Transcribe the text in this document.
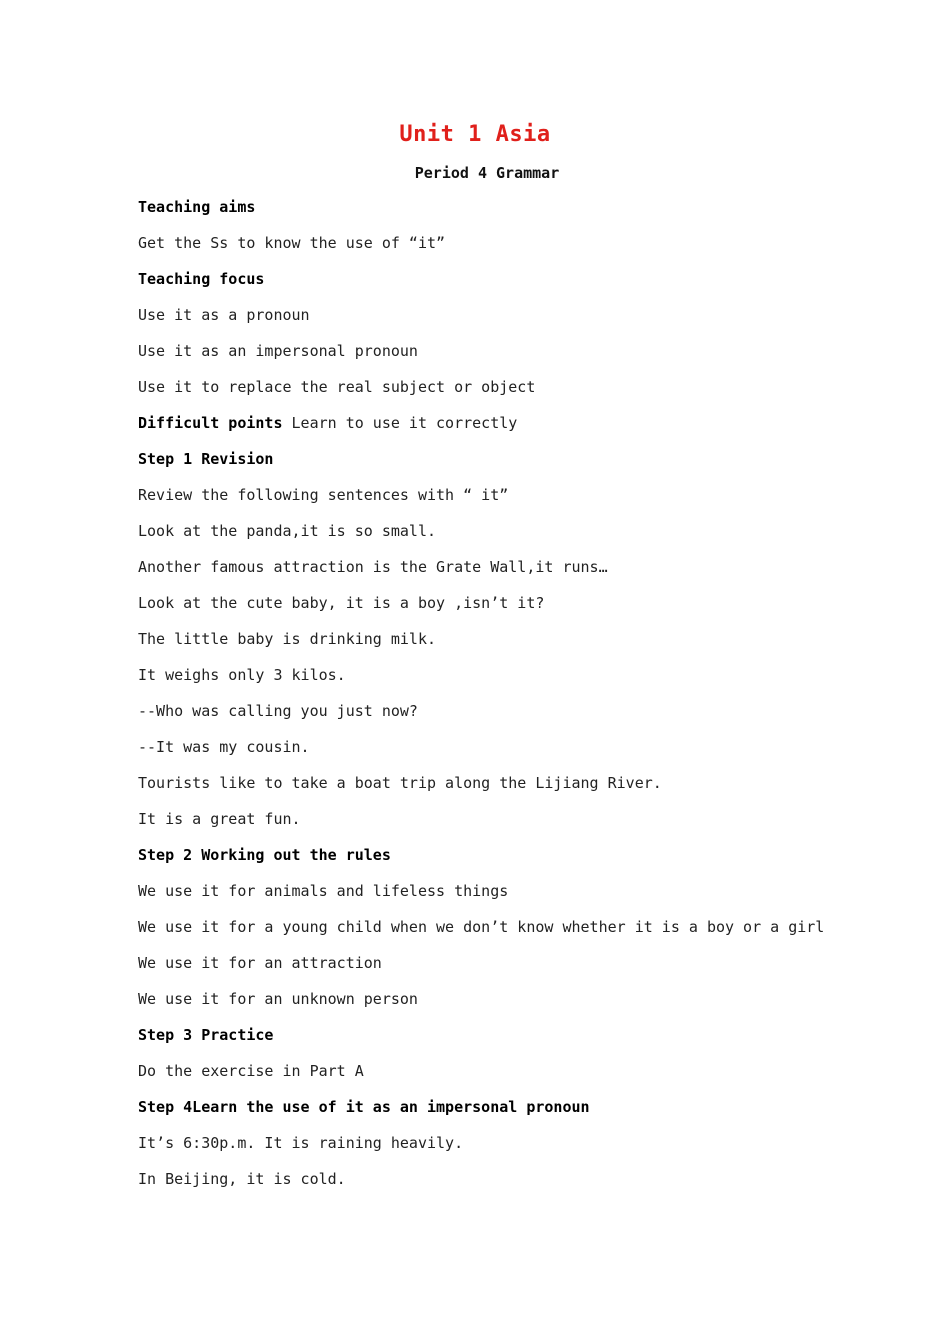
Unit 1 Asia
Period 4 Grammar
Teaching aims
Get the Ss to know the use of “it”
Teaching focus
Use it as a pronoun
Use it as an impersonal pronoun
Use it to replace the real subject or object
Difficult points Learn to use it correctly
Step 1 Revision
Review the following sentences with “ it”
Look at the panda,it is so small.
Another famous attraction is the Grate Wall,it runs…
Look at the cute baby, it is a boy ,isn’t it?
The little baby is drinking milk.
It weighs only 3 kilos.
--Who was calling you just now?
--It was my cousin.
Tourists like to take a boat trip along the Lijiang River.
It is a great fun.
Step 2 Working out the rules
We use it for animals and lifeless things
We use it for a young child when we don’t know whether it is a boy or a girl
We use it for an attraction
We use it for an unknown person
Step 3 Practice
Do the exercise in Part A
Step 4Learn the use of it as an impersonal pronoun
It’s 6:30p.m. It is raining heavily.
In Beijing, it is cold.
